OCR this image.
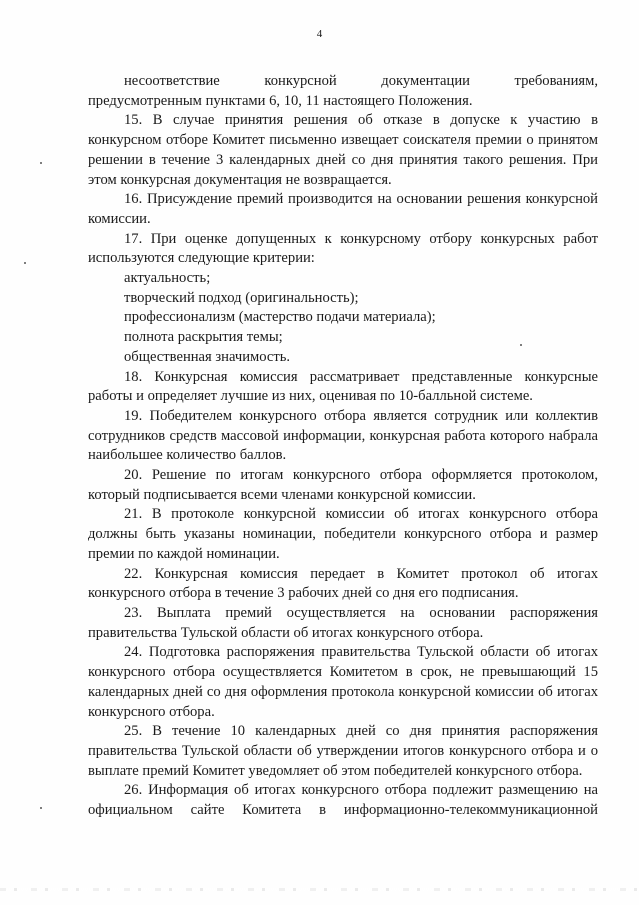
4

несоответствие конкурсной документации требованиям,

предусмотренным пунктами 6, 10, 11 настоящего Положения.

15. В случае принятия решения об отказе в допуске к участию в конкурсном отборе Комитет письменно извещает соискателя премии о принятом решении в течение 3 календарных дней со дня принятия такого решения. При этом конкурсная документация не возвращается.

16. Присуждение премий производится на основании решения конкурсной комиссии.

17. При оценке допущенных к конкурсному отбору конкурсных работ используются следующие критерии:

актуальность;

творческий подход (оригинальность);

профессионализм (мастерство подачи материала);

полнота раскрытия темы;

общественная значимость.

18. Конкурсная комиссия рассматривает представленные конкурсные работы и определяет лучшие из них, оценивая по 10-балльной системе.

19. Победителем конкурсного отбора является сотрудник или коллектив сотрудников средств массовой информации, конкурсная работа которого набрала наибольшее количество баллов.

20. Решение по итогам конкурсного отбора оформляется протоколом, который подписывается всеми членами конкурсной комиссии.

21. В протоколе конкурсной комиссии об итогах конкурсного отбора должны быть указаны номинации, победители конкурсного отбора и размер премии по каждой номинации.

22. Конкурсная комиссия передает в Комитет протокол об итогах конкурсного отбора в течение 3 рабочих дней со дня его подписания.

23. Выплата премий осуществляется на основании распоряжения правительства Тульской области об итогах конкурсного отбора.

24. Подготовка распоряжения правительства Тульской области об итогах конкурсного отбора осуществляется Комитетом в срок, не превышающий 15 календарных дней со дня оформления протокола конкурсной комиссии об итогах конкурсного отбора.

25. В течение 10 календарных дней со дня принятия распоряжения правительства Тульской области об утверждении итогов конкурсного отбора и о выплате премий Комитет уведомляет об этом победителей конкурсного отбора.

26. Информация об итогах конкурсного отбора подлежит размещению на официальном сайте Комитета в информационно-телекоммуникационной
